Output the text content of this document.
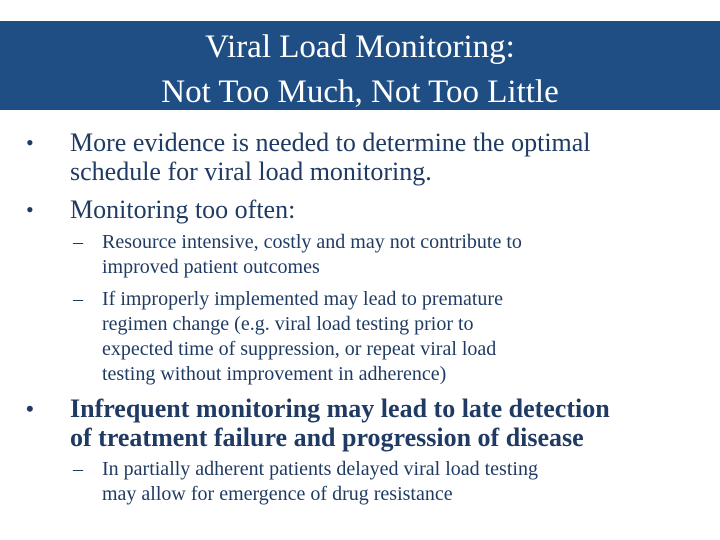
Viral Load Monitoring:
Not Too Much, Not Too Little
• More evidence is needed to determine the optimal
schedule for viral load monitoring.
• Monitoring too often:
– Resource intensive, costly and may not contribute to
improved patient outcomes
– If improperly implemented may lead to premature
regimen change (e.g. viral load testing prior to
expected time of suppression, or repeat viral load
testing without improvement in adherence)
• Infrequent monitoring may lead to late detection
of treatment failure and progression of disease
– In partially adherent patients delayed viral load testing
may allow for emergence of drug resistance
